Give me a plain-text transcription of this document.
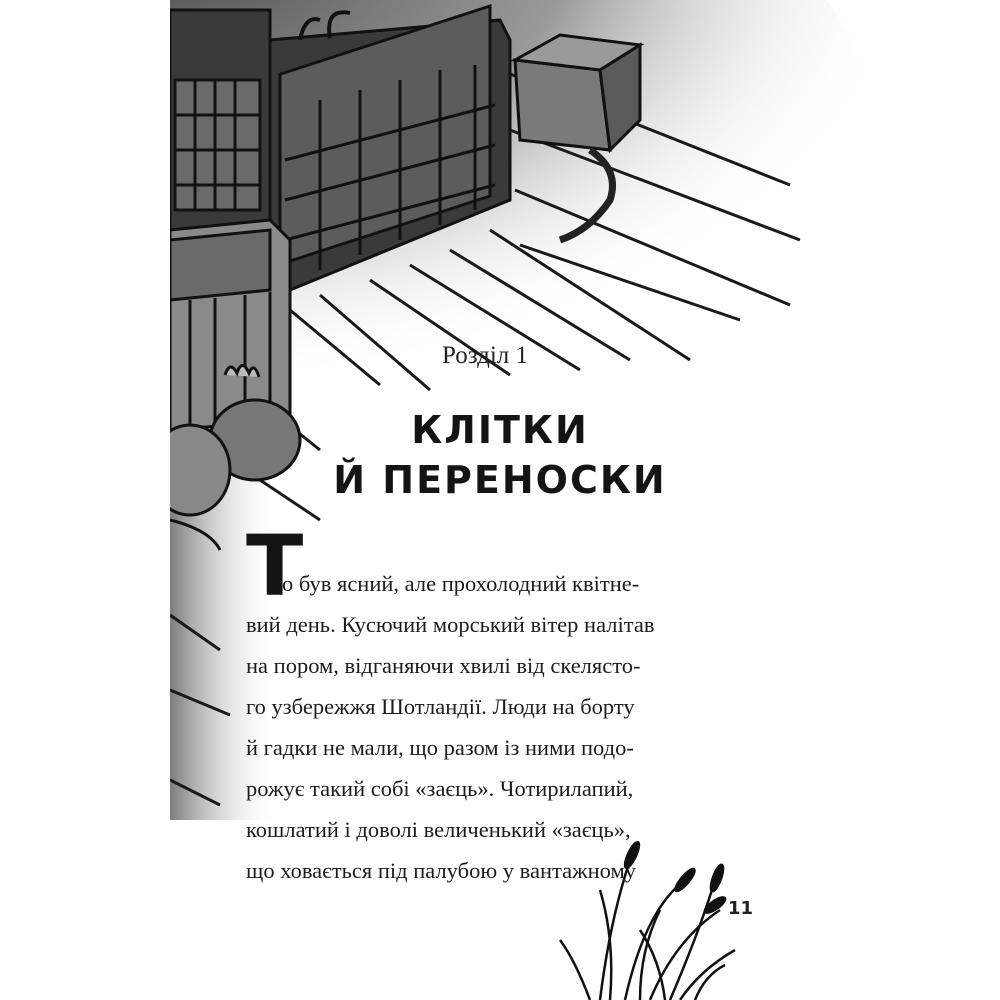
Розділ 1
КЛІТКИ
Й ПЕРЕНОСКИ
Т
о був ясний, але прохолодний квітне-
вий день. Кусючий морський вітер налітав
на пором, відганяючи хвилі від скелясто-
го узбережжя Шотландії. Люди на борту
й гадки не мали, що разом із ними подо-
рожує такий собі «заєць». Чотирилапий,
кошлатий і доволі величенький «заєць»,
що ховається під палубою у вантажному
11
